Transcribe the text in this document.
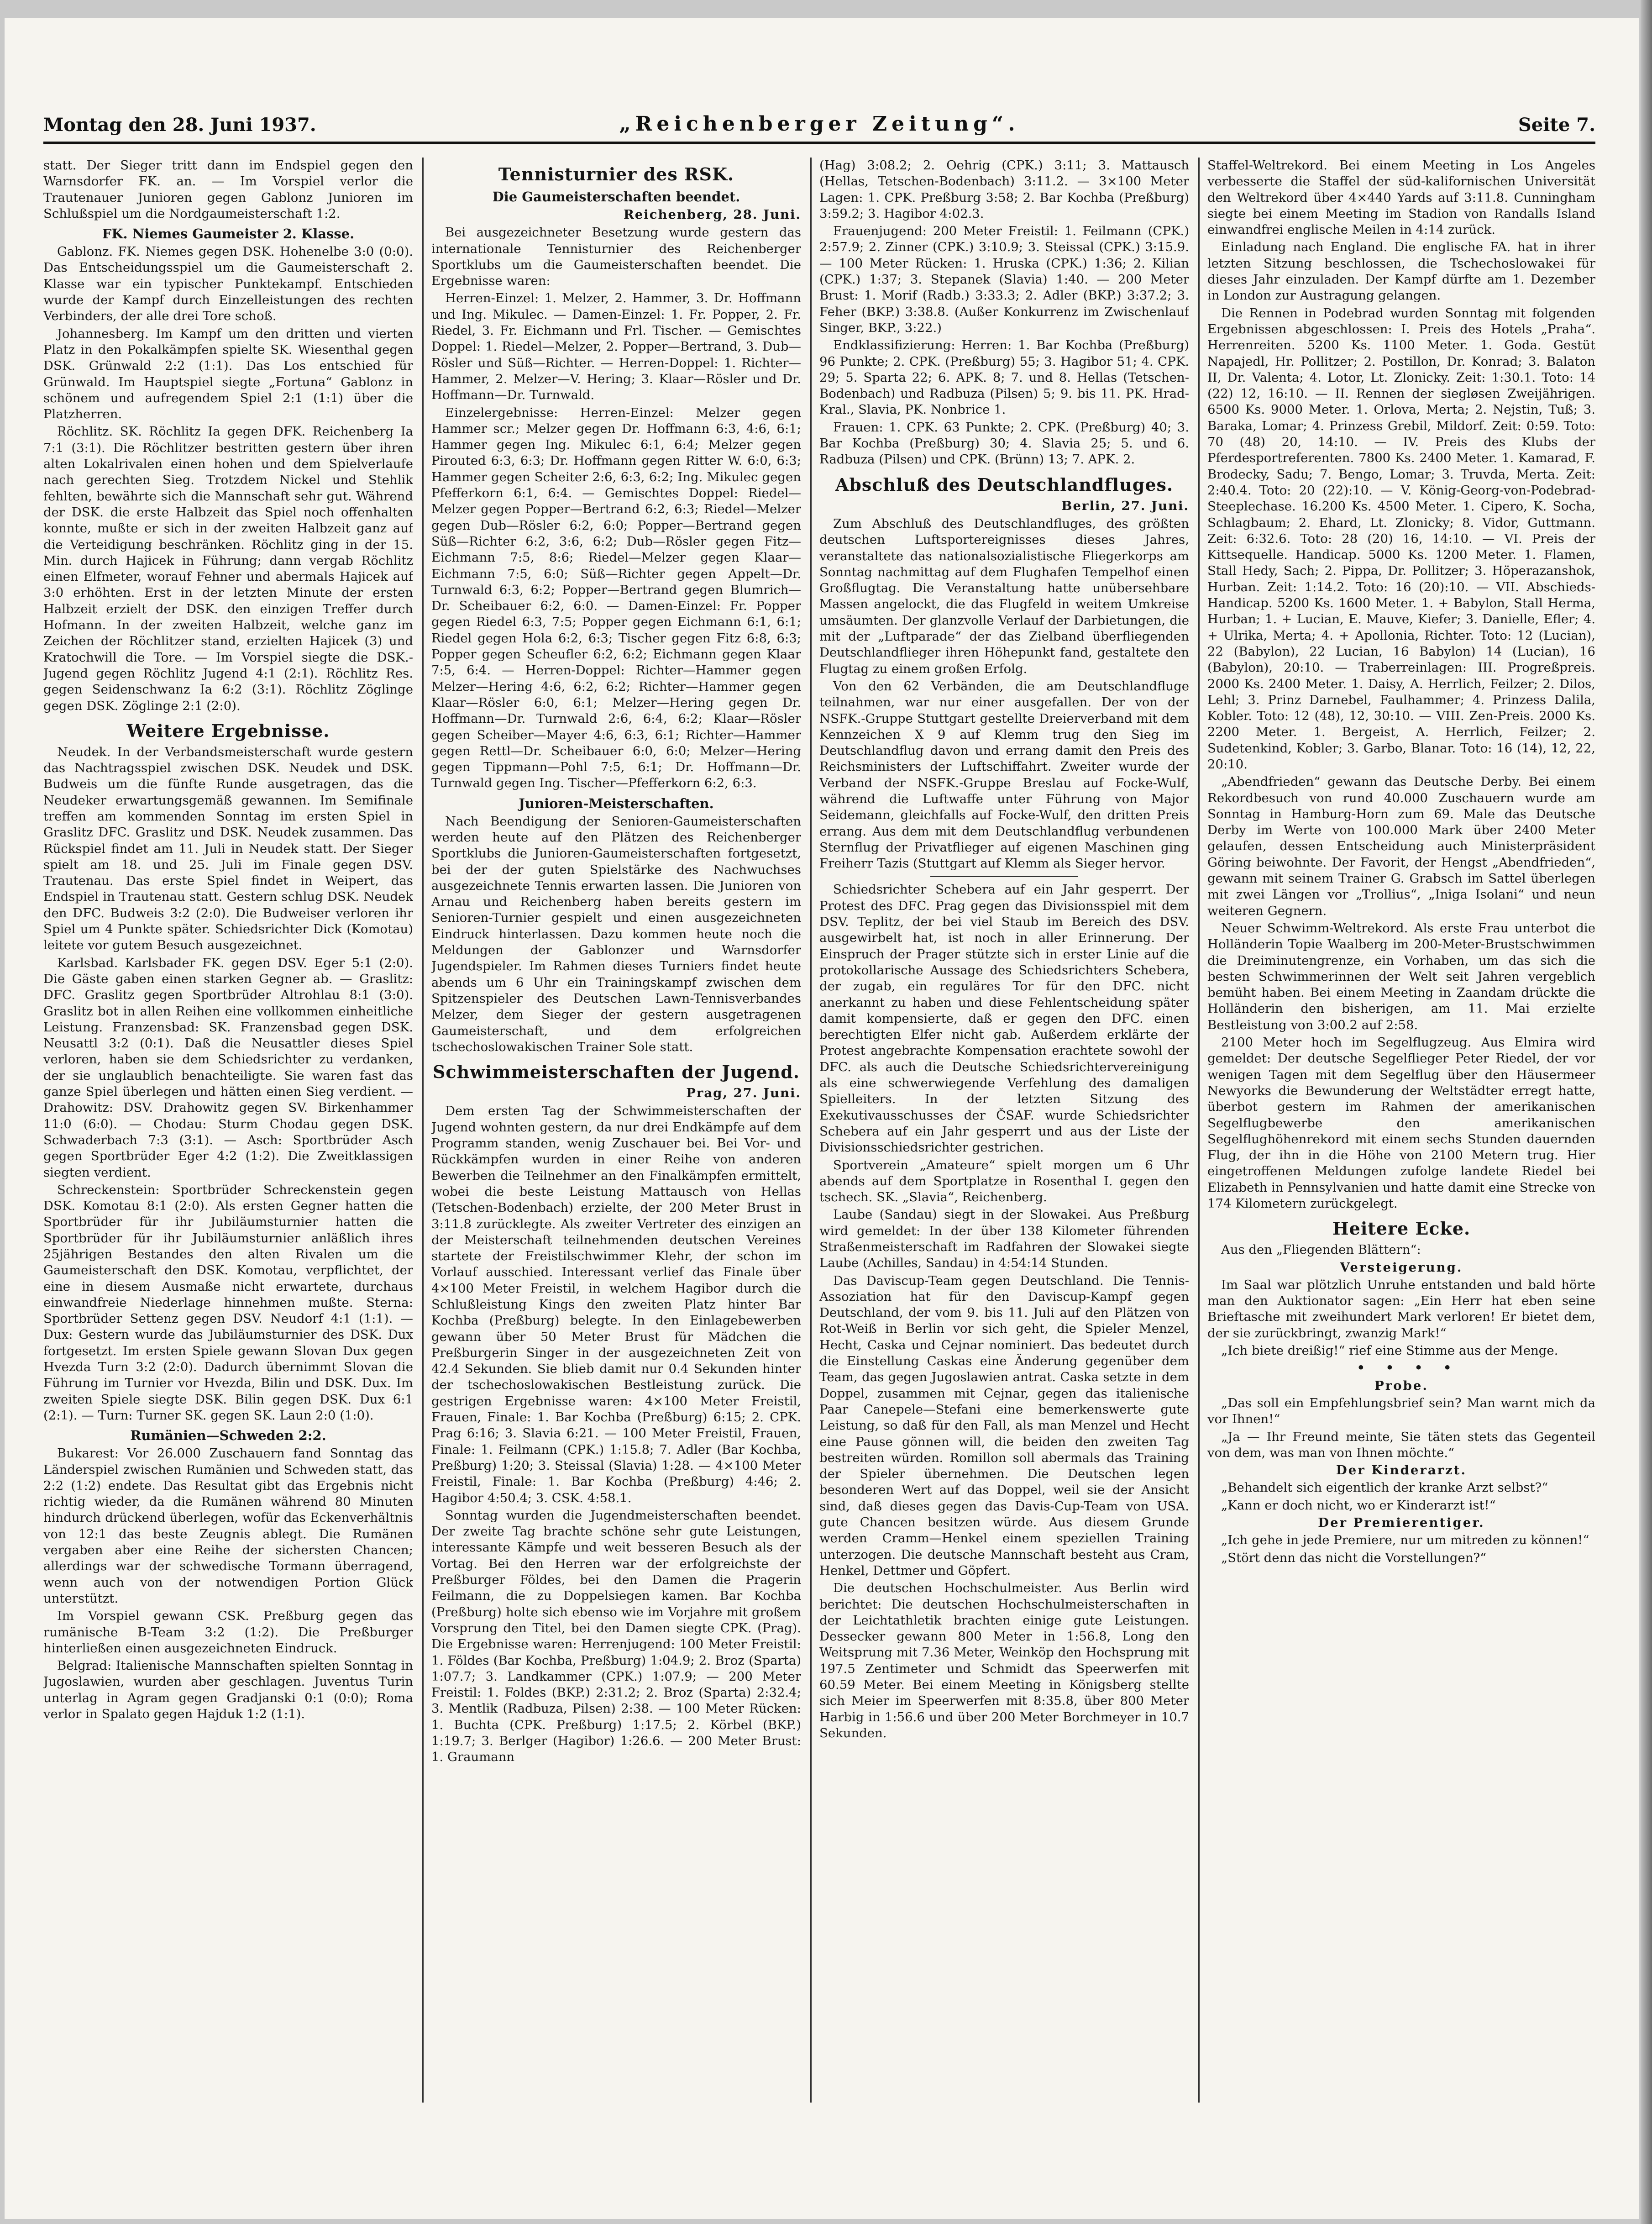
Montag den 28. Juni 1937.	„Reichenberger Zeitung“.	Seite 7.

statt. Der Sieger tritt dann im Endspiel gegen den Warnsdorfer FK. an. — Im Vorspiel verlor die Trautenauer Junioren gegen Gablonz Junioren im Schlußspiel um die Nordgaumeisterschaft 1:2.

FK. Niemes Gaumeister 2. Klasse.

Gablonz. FK. Niemes gegen DSK. Hohenelbe 3:0 (0:0). Das Entscheidungsspiel um die Gaumeisterschaft 2. Klasse war ein typischer Punktekampf. Entschieden wurde der Kampf durch Einzelleistungen des rechten Verbinders, der alle drei Tore schoß.

Johannesberg. Im Kampf um den dritten und vierten Platz in den Pokalkämpfen spielte SK. Wiesenthal gegen DSK. Grünwald 2:2 (1:1). Das Los entschied für Grünwald. Im Hauptspiel siegte „Fortuna“ Gablonz in schönem und aufregendem Spiel 2:1 (1:1) über die Platzherren.

Röchlitz. SK. Röchlitz Ia gegen DFK. Reichenberg Ia 7:1 (3:1). Die Röchlitzer bestritten gestern über ihren alten Lokalrivalen einen hohen und dem Spielverlaufe nach gerechten Sieg. Trotzdem Nickel und Stehlik fehlten, bewährte sich die Mannschaft sehr gut. Während der DSK. die erste Halbzeit das Spiel noch offenhalten konnte, mußte er sich in der zweiten Halbzeit ganz auf die Verteidigung beschränken. Röchlitz ging in der 15. Min. durch Hajicek in Führung; dann vergab Röchlitz einen Elfmeter, worauf Fehner und abermals Hajicek auf 3:0 erhöhten. Erst in der letzten Minute der ersten Halbzeit erzielt der DSK. den einzigen Treffer durch Hofmann. In der zweiten Halbzeit, welche ganz im Zeichen der Röchlitzer stand, erzielten Hajicek (3) und Kratochwill die Tore. — Im Vorspiel siegte die DSK.-Jugend gegen Röchlitz Jugend 4:1 (2:1). Röchlitz Res. gegen Seidenschwanz Ia 6:2 (3:1). Röchlitz Zöglinge gegen DSK. Zöglinge 2:1 (2:0).

Weitere Ergebnisse.

Neudek. In der Verbandsmeisterschaft wurde gestern das Nachtragsspiel zwischen DSK. Neudek und DSK. Budweis um die fünfte Runde ausgetragen, das die Neudeker erwartungsgemäß gewannen. Im Semifinale treffen am kommenden Sonntag im ersten Spiel in Graslitz DFC. Graslitz und DSK. Neudek zusammen. Das Rückspiel findet am 11. Juli in Neudek statt. Der Sieger spielt am 18. und 25. Juli im Finale gegen DSV. Trautenau. Das erste Spiel findet in Weipert, das Endspiel in Trautenau statt. Gestern schlug DSK. Neudek den DFC. Budweis 3:2 (2:0). Die Budweiser verloren ihr Spiel um 4 Punkte später. Schiedsrichter Dick (Komotau) leitete vor gutem Besuch ausgezeichnet.

Karlsbad. Karlsbader FK. gegen DSV. Eger 5:1 (2:0). Die Gäste gaben einen starken Gegner ab. — Graslitz: DFC. Graslitz gegen Sportbrüder Altrohlau 8:1 (3:0). Graslitz bot in allen Reihen eine vollkommen einheitliche Leistung. Franzensbad: SK. Franzensbad gegen DSK. Neusattl 3:2 (0:1). Daß die Neusattler dieses Spiel verloren, haben sie dem Schiedsrichter zu verdanken, der sie unglaublich benachteiligte. Sie waren fast das ganze Spiel überlegen und hätten einen Sieg verdient. — Drahowitz: DSV. Drahowitz gegen SV. Birkenhammer 11:0 (6:0). — Chodau: Sturm Chodau gegen DSK. Schwaderbach 7:3 (3:1). — Asch: Sportbrüder Asch gegen Sportbrüder Eger 4:2 (1:2). Die Zweitklassigen siegten verdient.

Schreckenstein: Sportbrüder Schreckenstein gegen DSK. Komotau 8:1 (2:0). Als ersten Gegner hatten die Sportbrüder für ihr Jubiläumsturnier hatten die Sportbrüder für ihr Jubiläumsturnier anläßlich ihres 25jährigen Bestandes den alten Rivalen um die Gaumeisterschaft den DSK. Komotau, verpflichtet, der eine in diesem Ausmaße nicht erwartete, durchaus einwandfreie Niederlage hinnehmen mußte. Sterna: Sportbrüder Settenz gegen DSV. Neudorf 4:1 (1:1). — Dux: Gestern wurde das Jubiläumsturnier des DSK. Dux fortgesetzt. Im ersten Spiele gewann Slovan Dux gegen Hvezda Turn 3:2 (2:0). Dadurch übernimmt Slovan die Führung im Turnier vor Hvezda, Bilin und DSK. Dux. Im zweiten Spiele siegte DSK. Bilin gegen DSK. Dux 6:1 (2:1). — Turn: Turner SK. gegen SK. Laun 2:0 (1:0).

Rumänien—Schweden 2:2.

Bukarest: Vor 26.000 Zuschauern fand Sonntag das Länderspiel zwischen Rumänien und Schweden statt, das 2:2 (1:2) endete. Das Resultat gibt das Ergebnis nicht richtig wieder, da die Rumänen während 80 Minuten hindurch drückend überlegen, wofür das Eckenverhältnis von 12:1 das beste Zeugnis ablegt. Die Rumänen vergaben aber eine Reihe der sichersten Chancen; allerdings war der schwedische Tormann überragend, wenn auch von der notwendigen Portion Glück unterstützt.

Im Vorspiel gewann CSK. Preßburg gegen das rumänische B-Team 3:2 (1:2). Die Preßburger hinterließen einen ausgezeichneten Eindruck.

Belgrad: Italienische Mannschaften spielten Sonntag in Jugoslawien, wurden aber geschlagen. Juventus Turin unterlag in Agram gegen Gradjanski 0:1 (0:0); Roma verlor in Spalato gegen Hajduk 1:2 (1:1).

Tennisturnier des RSK.
Die Gaumeisterschaften beendet.

Reichenberg, 28. Juni.

Bei ausgezeichneter Besetzung wurde gestern das internationale Tennisturnier des Reichenberger Sportklubs um die Gaumeisterschaften beendet. Die Ergebnisse waren:

Herren-Einzel: 1. Melzer, 2. Hammer, 3. Dr. Hoffmann und Ing. Mikulec. — Damen-Einzel: 1. Fr. Popper, 2. Fr. Riedel, 3. Fr. Eichmann und Frl. Tischer. — Gemischtes Doppel: 1. Riedel—Melzer, 2. Popper—Bertrand, 3. Dub—Rösler und Süß—Richter. — Herren-Doppel: 1. Richter—Hammer, 2. Melzer—V. Hering; 3. Klaar—Rösler und Dr. Hoffmann—Dr. Turnwald.

Einzelergebnisse: Herren-Einzel: Melzer gegen Hammer scr.; Melzer gegen Dr. Hoffmann 6:3, 4:6, 6:1; Hammer gegen Ing. Mikulec 6:1, 6:4; Melzer gegen Pirouted 6:3, 6:3; Dr. Hoffmann gegen Ritter W. 6:0, 6:3; Hammer gegen Scheiter 2:6, 6:3, 6:2; Ing. Mikulec gegen Pfefferkorn 6:1, 6:4. — Gemischtes Doppel: Riedel—Melzer gegen Popper—Bertrand 6:2, 6:3; Riedel—Melzer gegen Dub—Rösler 6:2, 6:0; Popper—Bertrand gegen Süß—Richter 6:2, 3:6, 6:2; Dub—Rösler gegen Fitz—Eichmann 7:5, 8:6; Riedel—Melzer gegen Klaar—Eichmann 7:5, 6:0; Süß—Richter gegen Appelt—Dr. Turnwald 6:3, 6:2; Popper—Bertrand gegen Blumrich—Dr. Scheibauer 6:2, 6:0. — Damen-Einzel: Fr. Popper gegen Riedel 6:3, 7:5; Popper gegen Eichmann 6:1, 6:1; Riedel gegen Hola 6:2, 6:3; Tischer gegen Fitz 6:8, 6:3; Popper gegen Scheufler 6:2, 6:2; Eichmann gegen Klaar 7:5, 6:4. — Herren-Doppel: Richter—Hammer gegen Melzer—Hering 4:6, 6:2, 6:2; Richter—Hammer gegen Klaar—Rösler 6:0, 6:1; Melzer—Hering gegen Dr. Hoffmann—Dr. Turnwald 2:6, 6:4, 6:2; Klaar—Rösler gegen Scheiber—Mayer 4:6, 6:3, 6:1; Richter—Hammer gegen Rettl—Dr. Scheibauer 6:0, 6:0; Melzer—Hering gegen Tippmann—Pohl 7:5, 6:1; Dr. Hoffmann—Dr. Turnwald gegen Ing. Tischer—Pfefferkorn 6:2, 6:3.

Junioren-Meisterschaften.

Nach Beendigung der Senioren-Gaumeisterschaften werden heute auf den Plätzen des Reichenberger Sportklubs die Junioren-Gaumeisterschaften fortgesetzt, bei der der guten Spielstärke des Nachwuchses ausgezeichnete Tennis erwarten lassen. Die Junioren von Arnau und Reichenberg haben bereits gestern im Senioren-Turnier gespielt und einen ausgezeichneten Eindruck hinterlassen. Dazu kommen heute noch die Meldungen der Gablonzer und Warnsdorfer Jugendspieler. Im Rahmen dieses Turniers findet heute abends um 6 Uhr ein Trainingskampf zwischen dem Spitzenspieler des Deutschen Lawn-Tennisverbandes Melzer, dem Sieger der gestern ausgetragenen Gaumeisterschaft, und dem erfolgreichen tschechoslowakischen Trainer Sole statt.

Schwimmeisterschaften der Jugend.

Prag, 27. Juni.

Dem ersten Tag der Schwimmeisterschaften der Jugend wohnten gestern, da nur drei Endkämpfe auf dem Programm standen, wenig Zuschauer bei. Bei Vor- und Rückkämpfen wurden in einer Reihe von anderen Bewerben die Teilnehmer an den Finalkämpfen ermittelt, wobei die beste Leistung Mattausch von Hellas (Tetschen-Bodenbach) erzielte, der 200 Meter Brust in 3:11.8 zurücklegte. Als zweiter Vertreter des einzigen an der Meisterschaft teilnehmenden deutschen Vereines startete der Freistilschwimmer Klehr, der schon im Vorlauf ausschied. Interessant verlief das Finale über 4×100 Meter Freistil, in welchem Hagibor durch die Schlußleistung Kings den zweiten Platz hinter Bar Kochba (Preßburg) belegte. In den Einlagebewerben gewann über 50 Meter Brust für Mädchen die Preßburgerin Singer in der ausgezeichneten Zeit von 42.4 Sekunden. Sie blieb damit nur 0.4 Sekunden hinter der tschechoslowakischen Bestleistung zurück. Die gestrigen Ergebnisse waren: 4×100 Meter Freistil, Frauen, Finale: 1. Bar Kochba (Preßburg) 6:15; 2. CPK. Prag 6:16; 3. Slavia 6:21. — 100 Meter Freistil, Frauen, Finale: 1. Feilmann (CPK.) 1:15.8; 7. Adler (Bar Kochba, Preßburg) 1:20; 3. Steissal (Slavia) 1:28. — 4×100 Meter Freistil, Finale: 1. Bar Kochba (Preßburg) 4:46; 2. Hagibor 4:50.4; 3. CSK. 4:58.1.

Sonntag wurden die Jugendmeisterschaften beendet. Der zweite Tag brachte schöne sehr gute Leistungen, interessante Kämpfe und weit besseren Besuch als der Vortag. Bei den Herren war der erfolgreichste der Preßburger Földes, bei den Damen die Pragerin Feilmann, die zu Doppelsiegen kamen. Bar Kochba (Preßburg) holte sich ebenso wie im Vorjahre mit großem Vorsprung den Titel, bei den Damen siegte CPK. (Prag). Die Ergebnisse waren: Herrenjugend: 100 Meter Freistil: 1. Földes (Bar Kochba, Preßburg) 1:04.9; 2. Broz (Sparta) 1:07.7; 3. Landkammer (CPK.) 1:07.9; — 200 Meter Freistil: 1. Foldes (BKP.) 2:31.2; 2. Broz (Sparta) 2:32.4; 3. Mentlik (Radbuza, Pilsen) 2:38. — 100 Meter Rücken: 1. Buchta (CPK. Preßburg) 1:17.5; 2. Körbel (BKP.) 1:19.7; 3. Berlger (Hagibor) 1:26.6. — 200 Meter Brust: 1. Graumann

(Hag) 3:08.2; 2. Oehrig (CPK.) 3:11; 3. Mattausch (Hellas, Tetschen-Bodenbach) 3:11.2. — 3×100 Meter Lagen: 1. CPK. Preßburg 3:58; 2. Bar Kochba (Preßburg) 3:59.2; 3. Hagibor 4:02.3.

Frauenjugend: 200 Meter Freistil: 1. Feilmann (CPK.) 2:57.9; 2. Zinner (CPK.) 3:10.9; 3. Steissal (CPK.) 3:15.9. — 100 Meter Rücken: 1. Hruska (CPK.) 1:36; 2. Kilian (CPK.) 1:37; 3. Stepanek (Slavia) 1:40. — 200 Meter Brust: 1. Morif (Radb.) 3:33.3; 2. Adler (BKP.) 3:37.2; 3. Feher (BKP.) 3:38.8. (Außer Konkurrenz im Zwischenlauf Singer, BKP., 3:22.)

Endklassifizierung: Herren: 1. Bar Kochba (Preßburg) 96 Punkte; 2. CPK. (Preßburg) 55; 3. Hagibor 51; 4. CPK. 29; 5. Sparta 22; 6. APK. 8; 7. und 8. Hellas (Tetschen-Bodenbach) und Radbuza (Pilsen) 5; 9. bis 11. PK. Hrad-Kral., Slavia, PK. Nonbrice 1.

Frauen: 1. CPK. 63 Punkte; 2. CPK. (Preßburg) 40; 3. Bar Kochba (Preßburg) 30; 4. Slavia 25; 5. und 6. Radbuza (Pilsen) und CPK. (Brünn) 13; 7. APK. 2.

Abschluß des Deutschlandfluges.

Berlin, 27. Juni.

Zum Abschluß des Deutschlandfluges, des größten deutschen Luftsportereignisses dieses Jahres, veranstaltete das nationalsozialistische Fliegerkorps am Sonntag nachmittag auf dem Flughafen Tempelhof einen Großflugtag. Die Veranstaltung hatte unübersehbare Massen angelockt, die das Flugfeld in weitem Umkreise umsäumten. Der glanzvolle Verlauf der Darbietungen, die mit der „Luftparade“ der das Zielband überfliegenden Deutschlandflieger ihren Höhepunkt fand, gestaltete den Flugtag zu einem großen Erfolg.

Von den 62 Verbänden, die am Deutschlandfluge teilnahmen, war nur einer ausgefallen. Der von der NSFK.-Gruppe Stuttgart gestellte Dreierverband mit dem Kennzeichen X 9 auf Klemm trug den Sieg im Deutschlandflug davon und errang damit den Preis des Reichsministers der Luftschiffahrt. Zweiter wurde der Verband der NSFK.-Gruppe Breslau auf Focke-Wulf, während die Luftwaffe unter Führung von Major Seidemann, gleichfalls auf Focke-Wulf, den dritten Preis errang. Aus dem mit dem Deutschlandflug verbundenen Sternflug der Privatflieger auf eigenen Maschinen ging Freiherr Tazis (Stuttgart auf Klemm als Sieger hervor.

Schiedsrichter Schebera auf ein Jahr gesperrt. Der Protest des DFC. Prag gegen das Divisionsspiel mit dem DSV. Teplitz, der bei viel Staub im Bereich des DSV. ausgewirbelt hat, ist noch in aller Erinnerung. Der Einspruch der Prager stützte sich in erster Linie auf die protokollarische Aussage des Schiedsrichters Schebera, der zugab, ein reguläres Tor für den DFC. nicht anerkannt zu haben und diese Fehlentscheidung später damit kompensierte, daß er gegen den DFC. einen berechtigten Elfer nicht gab. Außerdem erklärte der Protest angebrachte Kompensation erachtete sowohl der DFC. als auch die Deutsche Schiedsrichtervereinigung als eine schwerwiegende Verfehlung des damaligen Spielleiters. In der letzten Sitzung des Exekutivausschusses der ČSAF. wurde Schiedsrichter Schebera auf ein Jahr gesperrt und aus der Liste der Divisionsschiedsrichter gestrichen.

Sportverein „Amateure“ spielt morgen um 6 Uhr abends auf dem Sportplatze in Rosenthal I. gegen den tschech. SK. „Slavia“, Reichenberg.

Laube (Sandau) siegt in der Slowakei. Aus Preßburg wird gemeldet: In der über 138 Kilometer führenden Straßenmeisterschaft im Radfahren der Slowakei siegte Laube (Achilles, Sandau) in 4:54:14 Stunden.

Das Daviscup-Team gegen Deutschland. Die Tennis-Assoziation hat für den Daviscup-Kampf gegen Deutschland, der vom 9. bis 11. Juli auf den Plätzen von Rot-Weiß in Berlin vor sich geht, die Spieler Menzel, Hecht, Caska und Cejnar nominiert. Das bedeutet durch die Einstellung Caskas eine Änderung gegenüber dem Team, das gegen Jugoslawien antrat. Caska setzte in dem Doppel, zusammen mit Cejnar, gegen das italienische Paar Canepele—Stefani eine bemerkenswerte gute Leistung, so daß für den Fall, als man Menzel und Hecht eine Pause gönnen will, die beiden den zweiten Tag bestreiten würden. Romillon soll abermals das Training der Spieler übernehmen. Die Deutschen legen besonderen Wert auf das Doppel, weil sie der Ansicht sind, daß dieses gegen das Davis-Cup-Team von USA. gute Chancen besitzen würde. Aus diesem Grunde werden Cramm—Henkel einem speziellen Training unterzogen. Die deutsche Mannschaft besteht aus Cram, Henkel, Dettmer und Göpfert.

Die deutschen Hochschulmeister. Aus Berlin wird berichtet: Die deutschen Hochschulmeisterschaften in der Leichtathletik brachten einige gute Leistungen. Dessecker gewann 800 Meter in 1:56.8, Long den Weitsprung mit 7.36 Meter, Weinköp den Hochsprung mit 197.5 Zentimeter und Schmidt das Speerwerfen mit 60.59 Meter. Bei einem Meeting in Königsberg stellte sich Meier im Speerwerfen mit 8:35.8, über 800 Meter Harbig in 1:56.6 und über 200 Meter Borchmeyer in 10.7 Sekunden.

Staffel-Weltrekord. Bei einem Meeting in Los Angeles verbesserte die Staffel der süd-kalifornischen Universität den Weltrekord über 4×440 Yards auf 3:11.8. Cunningham siegte bei einem Meeting im Stadion von Randalls Island einwandfrei englische Meilen in 4:14 zurück.

Einladung nach England. Die englische FA. hat in ihrer letzten Sitzung beschlossen, die Tschechoslowakei für dieses Jahr einzuladen. Der Kampf dürfte am 1. Dezember in London zur Austragung gelangen.

Die Rennen in Podebrad wurden Sonntag mit folgenden Ergebnissen abgeschlossen: I. Preis des Hotels „Praha“. Herrenreiten. 5200 Ks. 1100 Meter. 1. Goda. Gestüt Napajedl, Hr. Pollitzer; 2. Postillon, Dr. Konrad; 3. Balaton II, Dr. Valenta; 4. Lotor, Lt. Zlonicky. Zeit: 1:30.1. Toto: 14 (22) 12, 16:10. — II. Rennen der siegløsen Zweijährigen. 6500 Ks. 9000 Meter. 1. Orlova, Merta; 2. Nejstin, Tuß; 3. Baraka, Lomar; 4. Prinzess Grebil, Mildorf. Zeit: 0:59. Toto: 70 (48) 20, 14:10. — IV. Preis des Klubs der Pferdesportreferenten. 7800 Ks. 2400 Meter. 1. Kamarad, F. Brodecky, Sadu; 7. Bengo, Lomar; 3. Truvda, Merta. Zeit: 2:40.4. Toto: 20 (22):10. — V. König-Georg-von-Podebrad-Steeplechase. 16.200 Ks. 4500 Meter. 1. Cipero, K. Socha, Schlagbaum; 2. Ehard, Lt. Zlonicky; 8. Vidor, Guttmann. Zeit: 6:32.6. Toto: 28 (20) 16, 14:10. — VI. Preis der Kittsequelle. Handicap. 5000 Ks. 1200 Meter. 1. Flamen, Stall Hedy, Sach; 2. Pippa, Dr. Pollitzer; 3. Höperazanshok, Hurban. Zeit: 1:14.2. Toto: 16 (20):10. — VII. Abschieds-Handicap. 5200 Ks. 1600 Meter. 1. + Babylon, Stall Herma, Hurban; 1. + Lucian, E. Mauve, Kiefer; 3. Danielle, Efler; 4. + Ulrika, Merta; 4. + Apollonia, Richter. Toto: 12 (Lucian), 22 (Babylon), 22 Lucian, 16 Babylon) 14 (Lucian), 16 (Babylon), 20:10. — Traberreinlagen: III. Progreßpreis. 2000 Ks. 2400 Meter. 1. Daisy, A. Herrlich, Feilzer; 2. Dilos, Lehl; 3. Prinz Darnebel, Faulhammer; 4. Prinzess Dalila, Kobler. Toto: 12 (48), 12, 30:10. — VIII. Zen-Preis. 2000 Ks. 2200 Meter. 1. Bergeist, A. Herrlich, Feilzer; 2. Sudetenkind, Kobler; 3. Garbo, Blanar. Toto: 16 (14), 12, 22, 20:10.

„Abendfrieden“ gewann das Deutsche Derby. Bei einem Rekordbesuch von rund 40.000 Zuschauern wurde am Sonntag in Hamburg-Horn zum 69. Male das Deutsche Derby im Werte von 100.000 Mark über 2400 Meter gelaufen, dessen Entscheidung auch Ministerpräsident Göring beiwohnte. Der Favorit, der Hengst „Abendfrieden“, gewann mit seinem Trainer G. Grabsch im Sattel überlegen mit zwei Längen vor „Trollius“, „Iniga Isolani“ und neun weiteren Gegnern.

Neuer Schwimm-Weltrekord. Als erste Frau unterbot die Holländerin Topie Waalberg im 200-Meter-Brustschwimmen die Dreiminutengrenze, ein Vorhaben, um das sich die besten Schwimmerinnen der Welt seit Jahren vergeblich bemüht haben. Bei einem Meeting in Zaandam drückte die Holländerin den bisherigen, am 11. Mai erzielte Bestleistung von 3:00.2 auf 2:58.

2100 Meter hoch im Segelflugzeug. Aus Elmira wird gemeldet: Der deutsche Segelflieger Peter Riedel, der vor wenigen Tagen mit dem Segelflug über den Häusermeer Newyorks die Bewunderung der Weltstädter erregt hatte, überbot gestern im Rahmen der amerikanischen Segelflugbewerbe den amerikanischen Segelflughöhenrekord mit einem sechs Stunden dauernden Flug, der ihn in die Höhe von 2100 Metern trug. Hier eingetroffenen Meldungen zufolge landete Riedel bei Elizabeth in Pennsylvanien und hatte damit eine Strecke von 174 Kilometern zurückgelegt.

Heitere Ecke.

Aus den „Fliegenden Blättern“:

Versteigerung.

Im Saal war plötzlich Unruhe entstanden und bald hörte man den Auktionator sagen: „Ein Herr hat eben seine Brieftasche mit zweihundert Mark verloren! Er bietet dem, der sie zurückbringt, zwanzig Mark!“

„Ich biete dreißig!“ rief eine Stimme aus der Menge.

• • • •

Probe.

„Das soll ein Empfehlungsbrief sein? Man warnt mich da vor Ihnen!“

„Ja — Ihr Freund meinte, Sie täten stets das Gegenteil von dem, was man von Ihnen möchte.“

Der Kinderarzt.

„Behandelt sich eigentlich der kranke Arzt selbst?“

„Kann er doch nicht, wo er Kinderarzt ist!“

Der Premierentiger.

„Ich gehe in jede Premiere, nur um mitreden zu können!“

„Stört denn das nicht die Vorstellungen?“
